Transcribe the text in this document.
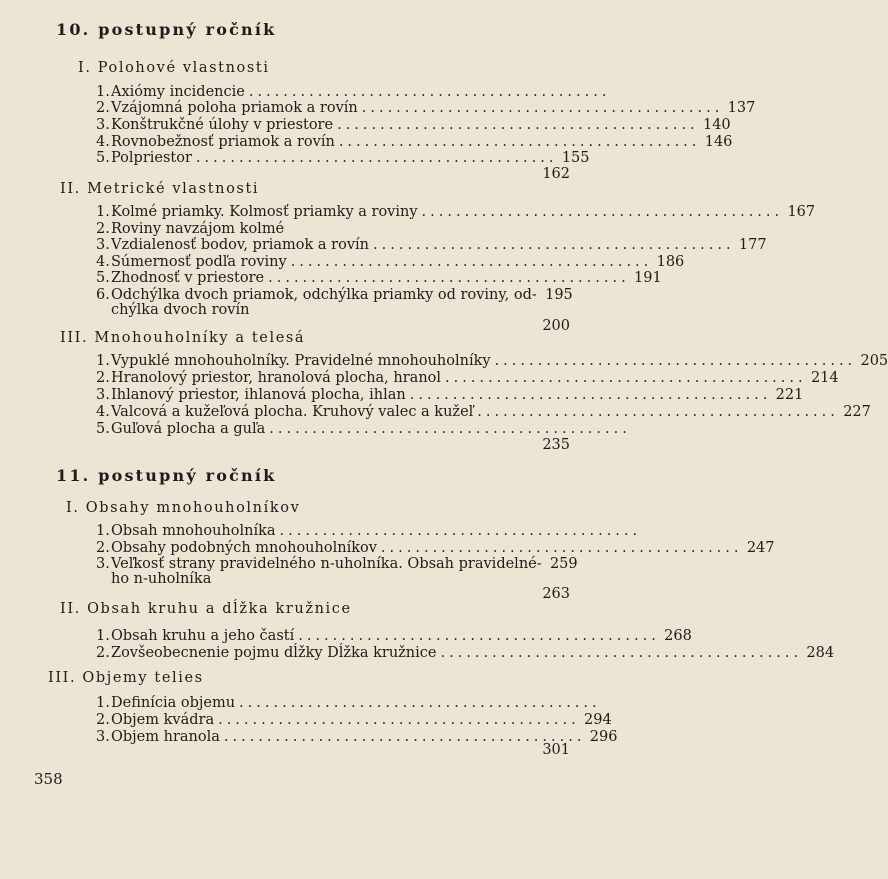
10. postupný ročník
I. Polohové vlastnosti
1. Axiómy incidencie ..........................................
2. Vzájomná poloha priamok a rovín .......................................... 137
3. Konštrukčné úlohy v priestore .......................................... 140
4. Rovnobežnosť priamok a rovín .......................................... 146
5. Polpriestor .......................................... 155
162
II. Metrické vlastnosti
1. Kolmé priamky. Kolmosť priamky a roviny .......................................... 167
2. Roviny navzájom kolmé
3. Vzdialenosť bodov, priamok a rovín .......................................... 177
4. Súmernosť podľa roviny .......................................... 186
5. Zhodnosť v priestore .......................................... 191
6. Odchýlka dvoch priamok, odchýlka priamky od roviny, od- 195
chýlka dvoch rovín
200
III. Mnohouholníky a telesá
1. Vypuklé mnohouholníky. Pravidelné mnohouholníky .......................................... 205
2. Hranolový priestor, hranolová plocha, hranol .......................................... 214
3. Ihlanový priestor, ihlanová plocha, ihlan .......................................... 221
4. Valcová a kužeľová plocha. Kruhový valec a kužeľ .......................................... 227
5. Guľová plocha a guľa ..........................................
235
11. postupný ročník
I. Obsahy mnohouholníkov
1. Obsah mnohouholníka ..........................................
2. Obsahy podobných mnohouholníkov .......................................... 247
3. Veľkosť strany pravidelného n-uholníka. Obsah pravidelné- 259
ho n-uholníka
263
II. Obsah kruhu a dĺžka kružnice
1. Obsah kruhu a jeho častí .......................................... 268
2. Zovšeobecnenie pojmu dĺžky Dĺžka kružnice .......................................... 284
III. Objemy telies
1. Definícia objemu ..........................................
2. Objem kvádra .......................................... 294
3. Objem hranola .......................................... 296
301
358
